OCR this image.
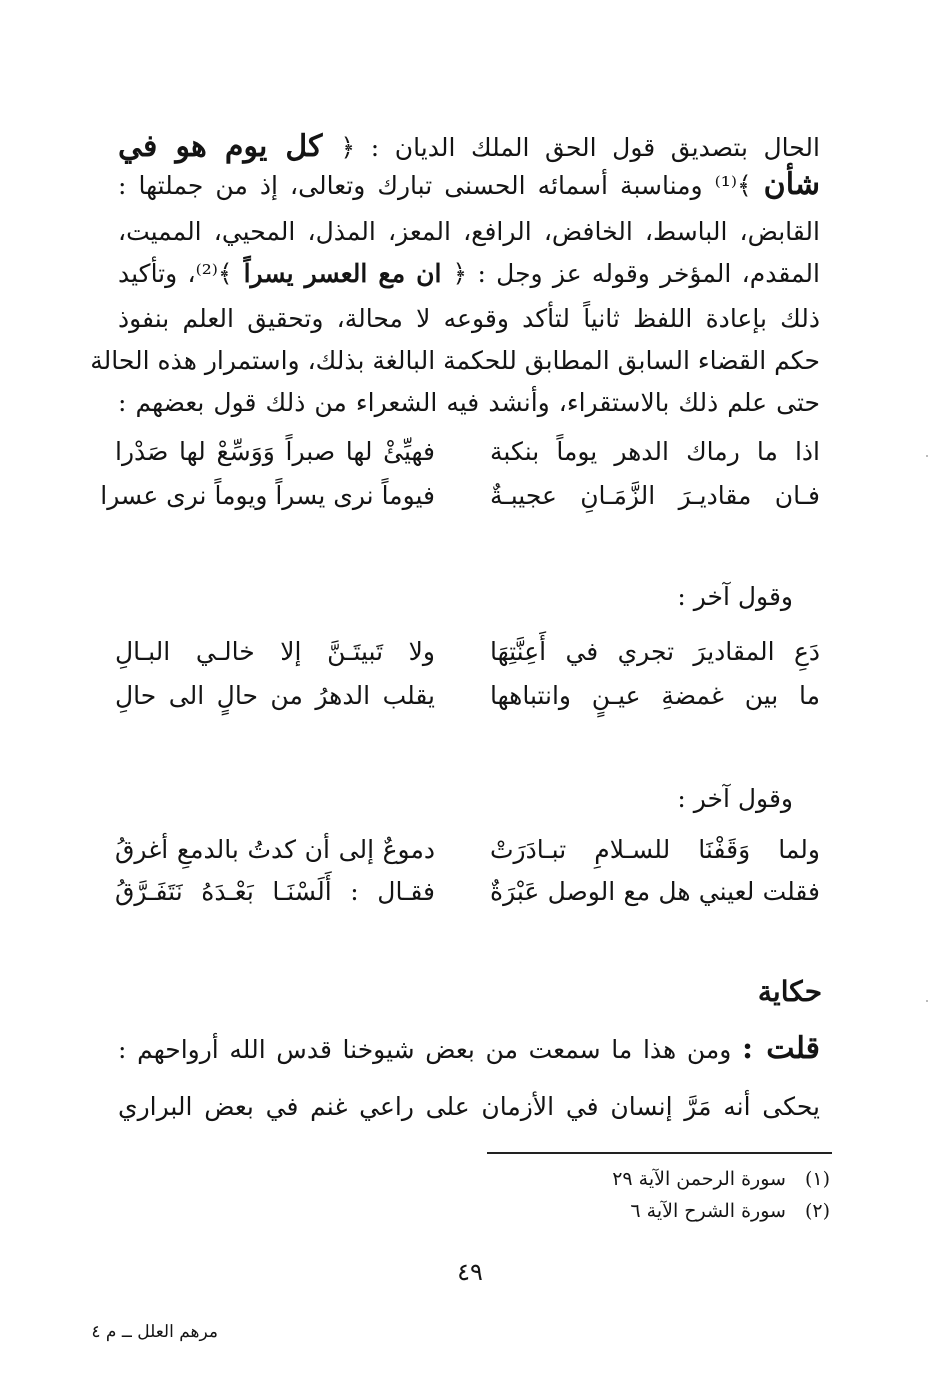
الحال بتصديق قول الحق الملك الديان : ﴿ كل يوم هو في
شأن ﴾⁽¹⁾ ومناسبة أسمائه الحسنى تبارك وتعالى، إذ من جملتها :
القابض، الباسط، الخافض، الرافع، المعز، المذل، المحيي، المميت،
المقدم، المؤخر وقوله عز وجل : ﴿ ان مع العسر يسراً ﴾⁽²⁾، وتأكيد
ذلك بإعادة اللفظ ثانياً لتأكد وقوعه لا محالة، وتحقيق العلم بنفوذ
حكم القضاء السابق المطابق للحكمة البالغة بذلك، واستمرار هذه الحالة
حتى علم ذلك بالاستقراء، وأنشد فيه الشعراء من ذلك قول بعضهم :
اذا ما رماك الدهر يوماً بنكبة
فهيِّئْ لها صبراً وَوَسِّعْ لها صَدْرا
فـان مقاديـرَ الزَّمَـانِ عجيبـةٌ
فيوماً نرى يسراً ويوماً نرى عسرا
وقول آخر :
دَعِ المقاديرَ تجري في أَعِنَّتِهَا
ولا تَبيتَـنَّ إلا خالـي البـالِ
ما بين غمضةِ عيـنٍ وانتباهها
يقلب الدهرُ من حالٍ الى حالِ
وقول آخر :
ولما وَقَفْنَا للسـلامِ تبـادَرَتْ
دموعٌ إلى أن كدتُ بالدمعِ أغرقُ
فقلت لعيني هل مع الوصل عَبْرَةٌ
فقـال : أَلَسْنَـا بَعْـدَهُ نَتَفَـرَّقُ
حكاية
قلت : ومن هذا ما سمعت من بعض شيوخنا قدس الله أرواحهم :
يحكى أنه مَرَّ إنسان في الأزمان على راعي غنم في بعض البراري
(١) سورة الرحمن الآية ٢٩
(٢) سورة الشرح الآية ٦
٤٩
مرهم العلل ــ م ٤
